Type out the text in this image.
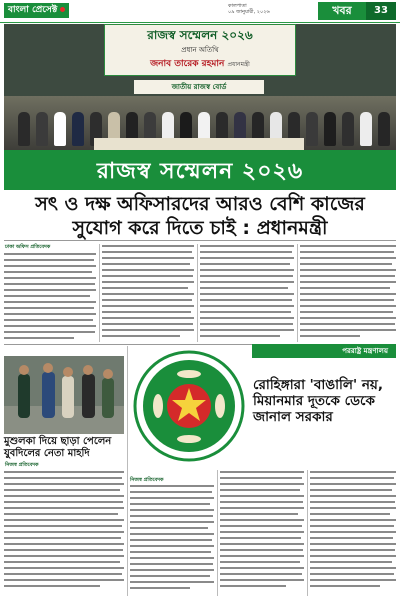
বাংলা প্রেসেক্ট	কালপাতা
০৯ জানুয়ারী, ২০২৬	খবর	33
রাজস্ব সম্মেলন ২০২৬
প্রধান অতিথি
জনাব তারেক রহমান প্রধানমন্ত্রী
জাতীয় রাজস্ব বোর্ড
রাজস্ব সম্মেলন ২০২৬
সৎ ও দক্ষ অফিসারদের আরও বেশি কাজের
সুযোগ করে দিতে চাই : প্রধানমন্ত্রী
ঢাকা অফিস প্রতিবেদক
মুশুলকা দিয়ে ছাড়া পেলেন যুবদিলের নেতা মাহদি
নিজস্ব প্রতিবেদক
পররাষ্ট্র মন্ত্রণালয়
রোহিঙ্গারা 'বাঙালি' নয়, মিয়ানমার দূতকে ডেকে জানাল সরকার
নিজস্ব প্রতিবেদক
